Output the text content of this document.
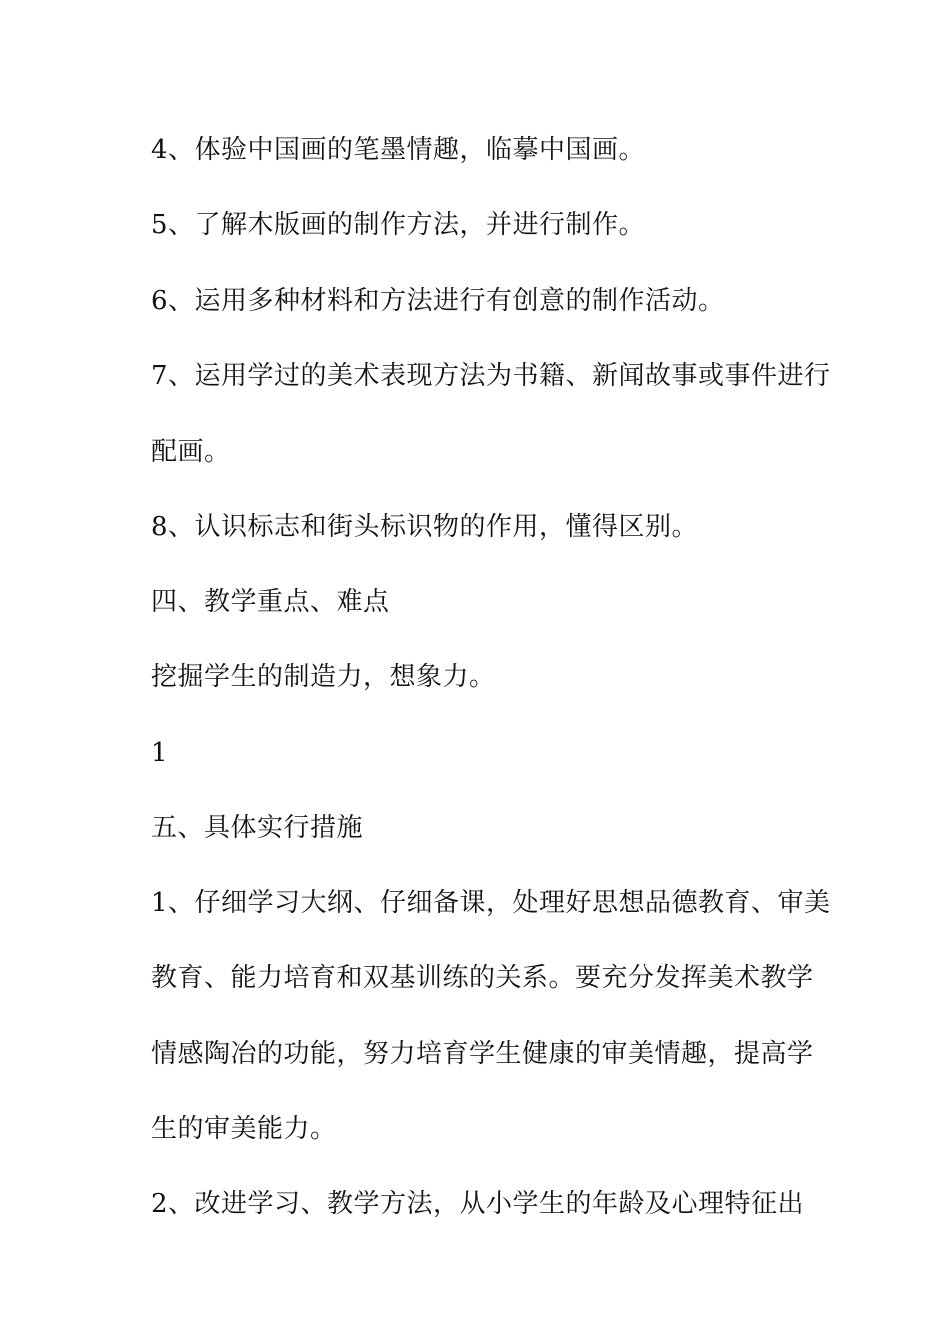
4、体验中国画的笔墨情趣，临摹中国画。
5、了解木版画的制作方法，并进行制作。
6、运用多种材料和方法进行有创意的制作活动。
7、运用学过的美术表现方法为书籍、新闻故事或事件进行
配画。
8、认识标志和街头标识物的作用，懂得区别。
四、教学重点、难点
挖掘学生的制造力，想象力。
1
五、具体实行措施
1、仔细学习大纲、仔细备课，处理好思想品德教育、审美
教育、能力培育和双基训练的关系。要充分发挥美术教学
情感陶冶的功能，努力培育学生健康的审美情趣，提高学
生的审美能力。
2、改进学习、教学方法，从小学生的年龄及心理特征出
